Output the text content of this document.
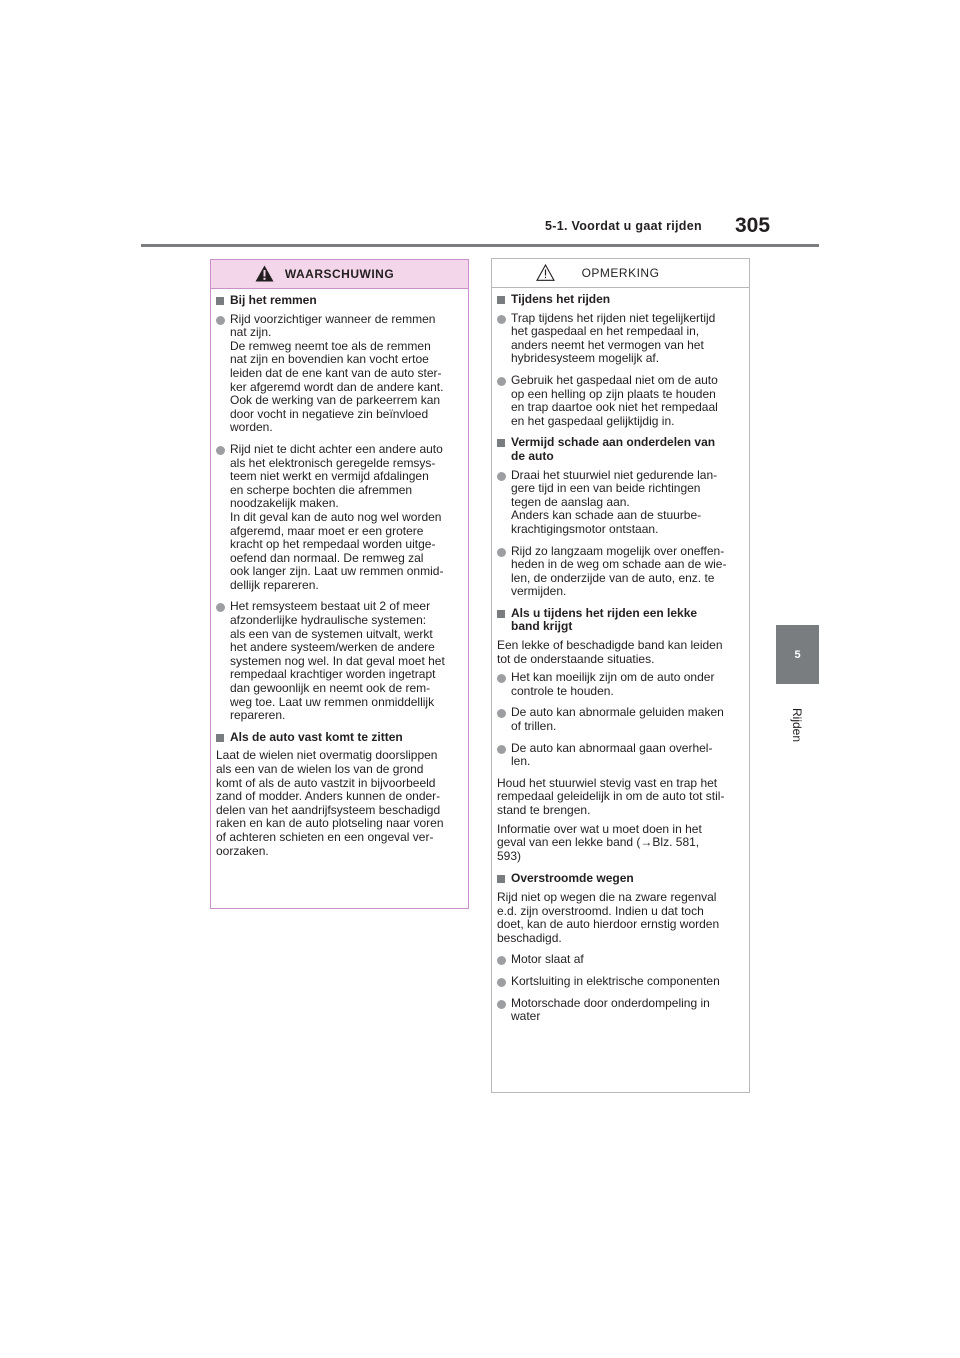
5-1. Voordat u gaat rijden 305
5
Rijden
WAARSCHUWING
Bij het remmen
Rijd voorzichtiger wanneer de remmen
nat zijn.
De remweg neemt toe als de remmen
nat zijn en bovendien kan vocht ertoe
leiden dat de ene kant van de auto ster-
ker afgeremd wordt dan de andere kant.
Ook de werking van de parkeerrem kan
door vocht in negatieve zin beïnvloed
worden.
Rijd niet te dicht achter een andere auto
als het elektronisch geregelde remsys-
teem niet werkt en vermijd afdalingen
en scherpe bochten die afremmen
noodzakelijk maken.
In dit geval kan de auto nog wel worden
afgeremd, maar moet er een grotere
kracht op het rempedaal worden uitge-
oefend dan normaal. De remweg zal
ook langer zijn. Laat uw remmen onmid-
dellijk repareren.
Het remsysteem bestaat uit 2 of meer
afzonderlijke hydraulische systemen:
als een van de systemen uitvalt, werkt
het andere systeem/werken de andere
systemen nog wel. In dat geval moet het
rempedaal krachtiger worden ingetrapt
dan gewoonlijk en neemt ook de rem-
weg toe. Laat uw remmen onmiddellijk
repareren.
Als de auto vast komt te zitten
Laat de wielen niet overmatig doorslippen
als een van de wielen los van de grond
komt of als de auto vastzit in bijvoorbeeld
zand of modder. Anders kunnen de onder-
delen van het aandrijfsysteem beschadigd
raken en kan de auto plotseling naar voren
of achteren schieten en een ongeval ver-
oorzaken.
OPMERKING
Tijdens het rijden
Trap tijdens het rijden niet tegelijkertijd
het gaspedaal en het rempedaal in,
anders neemt het vermogen van het
hybridesysteem mogelijk af.
Gebruik het gaspedaal niet om de auto
op een helling op zijn plaats te houden
en trap daartoe ook niet het rempedaal
en het gaspedaal gelijktijdig in.
Vermijd schade aan onderdelen van
de auto
Draai het stuurwiel niet gedurende lan-
gere tijd in een van beide richtingen
tegen de aanslag aan.
Anders kan schade aan de stuurbe-
krachtigingsmotor ontstaan.
Rijd zo langzaam mogelijk over oneffen-
heden in de weg om schade aan de wie-
len, de onderzijde van de auto, enz. te
vermijden.
Als u tijdens het rijden een lekke
band krijgt
Een lekke of beschadigde band kan leiden
tot de onderstaande situaties.
Het kan moeilijk zijn om de auto onder
controle te houden.
De auto kan abnormale geluiden maken
of trillen.
De auto kan abnormaal gaan overhel-
len.
Houd het stuurwiel stevig vast en trap het
rempedaal geleidelijk in om de auto tot stil-
stand te brengen.
Informatie over wat u moet doen in het
geval van een lekke band (→Blz. 581,
593)
Overstroomde wegen
Rijd niet op wegen die na zware regenval
e.d. zijn overstroomd. Indien u dat toch
doet, kan de auto hierdoor ernstig worden
beschadigd.
Motor slaat af
Kortsluiting in elektrische componenten
Motorschade door onderdompeling in
water
